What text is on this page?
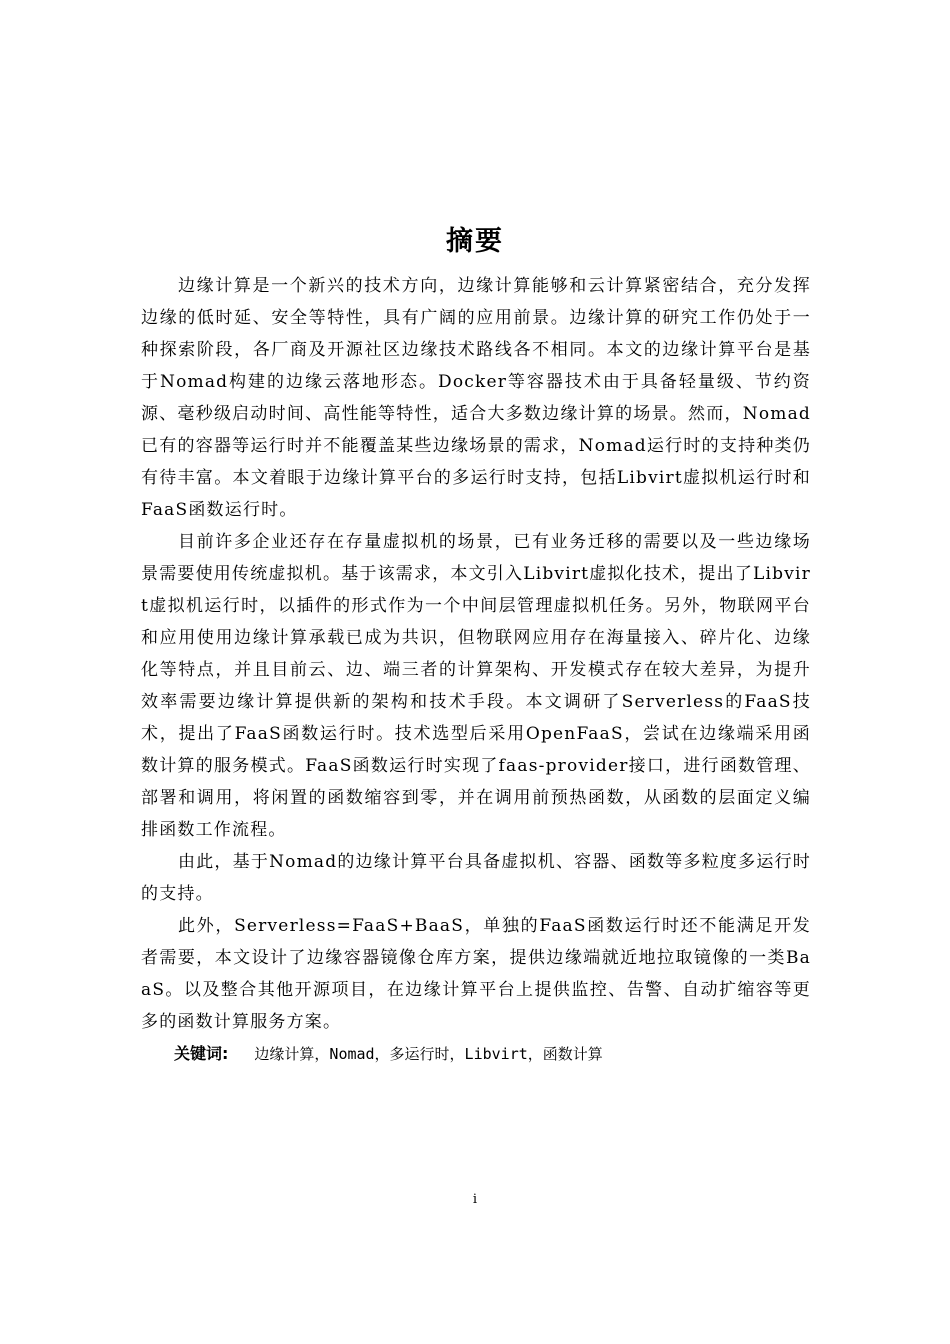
摘要

边缘计算是一个新兴的技术方向，边缘计算能够和云计算紧密结合，充分发挥边缘的低时延、安全等特性，具有广阔的应用前景。边缘计算的研究工作仍处于一种探索阶段，各厂商及开源社区边缘技术路线各不相同。本文的边缘计算平台是基于Nomad构建的边缘云落地形态。Docker等容器技术由于具备轻量级、节约资源、毫秒级启动时间、高性能等特性，适合大多数边缘计算的场景。然而，Nomad已有的容器等运行时并不能覆盖某些边缘场景的需求，Nomad运行时的支持种类仍有待丰富。本文着眼于边缘计算平台的多运行时支持，包括Libvirt虚拟机运行时和FaaS函数运行时。

目前许多企业还存在存量虚拟机的场景，已有业务迁移的需要以及一些边缘场景需要使用传统虚拟机。基于该需求，本文引入Libvirt虚拟化技术，提出了Libvirt虚拟机运行时，以插件的形式作为一个中间层管理虚拟机任务。另外，物联网平台和应用使用边缘计算承载已成为共识，但物联网应用存在海量接入、碎片化、边缘化等特点，并且目前云、边、端三者的计算架构、开发模式存在较大差异，为提升效率需要边缘计算提供新的架构和技术手段。本文调研了Serverless的FaaS技术，提出了FaaS函数运行时。技术选型后采用OpenFaaS，尝试在边缘端采用函数计算的服务模式。FaaS函数运行时实现了faas-provider接口，进行函数管理、部署和调用，将闲置的函数缩容到零，并在调用前预热函数，从函数的层面定义编排函数工作流程。

由此，基于Nomad的边缘计算平台具备虚拟机、容器、函数等多粒度多运行时的支持。

此外，Serverless=FaaS+BaaS，单独的FaaS函数运行时还不能满足开发者需要，本文设计了边缘容器镜像仓库方案，提供边缘端就近地拉取镜像的一类BaaS。以及整合其他开源项目，在边缘计算平台上提供监控、告警、自动扩缩容等更多的函数计算服务方案。

关键词: 边缘计算，Nomad，多运行时，Libvirt，函数计算

i
